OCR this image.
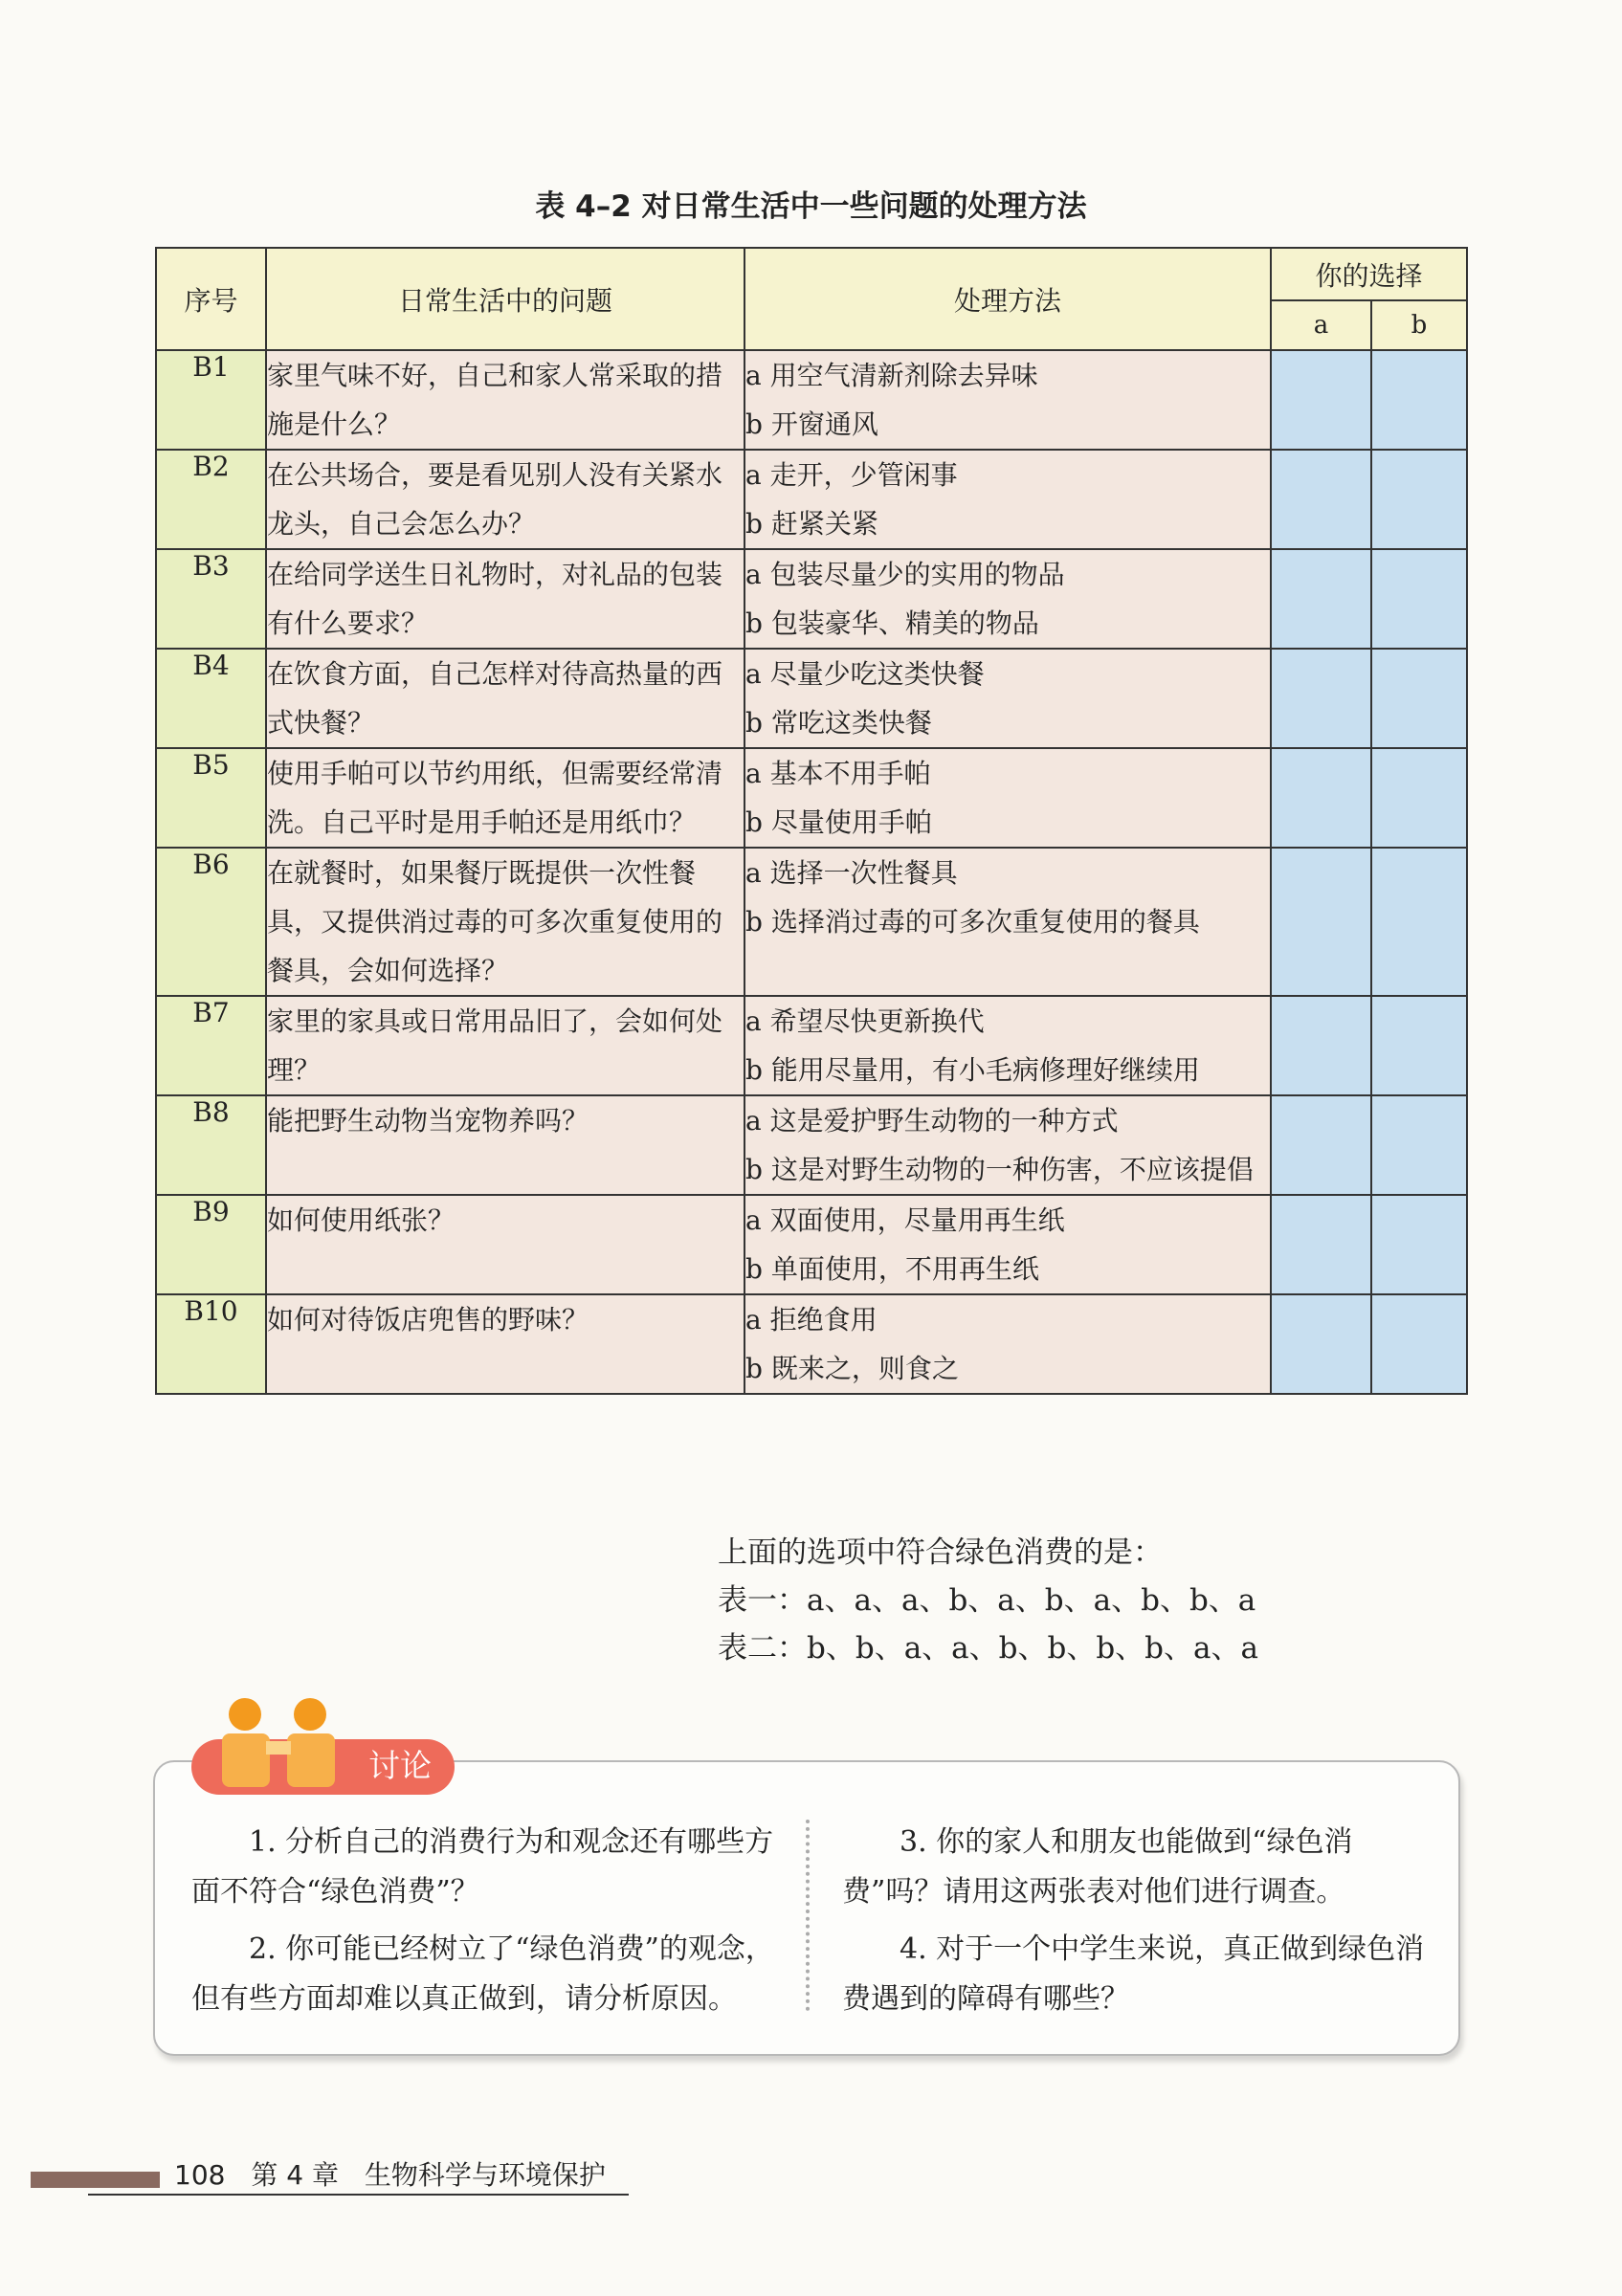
表 4–2 对日常生活中一些问题的处理方法
序号	日常生活中的问题	处理方法	你的选择	
			a	b
B1	家里气味不好，自己和家人常采取的措施是什么？	a 用空气清新剂除去异味
b 开窗通风		

B2	在公共场合，要是看见别人没有关紧水龙头，自己会怎么办？	a 走开，少管闲事
b 赶紧关紧		

B3	在给同学送生日礼物时，对礼品的包装有什么要求？	a 包装尽量少的实用的物品
b 包装豪华、精美的物品		

B4	在饮食方面，自己怎样对待高热量的西式快餐？	a 尽量少吃这类快餐
b 常吃这类快餐		

B5	使用手帕可以节约用纸，但需要经常清洗。自己平时是用手帕还是用纸巾？	a 基本不用手帕
b 尽量使用手帕		

B6	在就餐时，如果餐厅既提供一次性餐具，又提供消过毒的可多次重复使用的餐具，会如何选择？	a 选择一次性餐具
b 选择消过毒的可多次重复使用的餐具		

B7	家里的家具或日常用品旧了，会如何处理？	a 希望尽快更新换代
b 能用尽量用，有小毛病修理好继续用		

B8	能把野生动物当宠物养吗？	a 这是爱护野生动物的一种方式
b 这是对野生动物的一种伤害，不应该提倡		

B9	如何使用纸张？	a 双面使用，尽量用再生纸
b 单面使用，不用再生纸		

B10	如何对待饭店兜售的野味？	a 拒绝食用
b 既来之，则食之		

上面的选项中符合绿色消费的是：
表一：a、a、a、b、a、b、a、b、b、a
表二：b、b、a、a、b、b、b、b、a、a
讨论

1. 分析自己的消费行为和观念还有哪些方面不符合“绿色消费”？

2. 你可能已经树立了“绿色消费”的观念，但有些方面却难以真正做到，请分析原因。

3. 你的家人和朋友也能做到“绿色消费”吗？请用这两张表对他们进行调查。

4. 对于一个中学生来说，真正做到绿色消费遇到的障碍有哪些？

108 第 4 章 生物科学与环境保护
